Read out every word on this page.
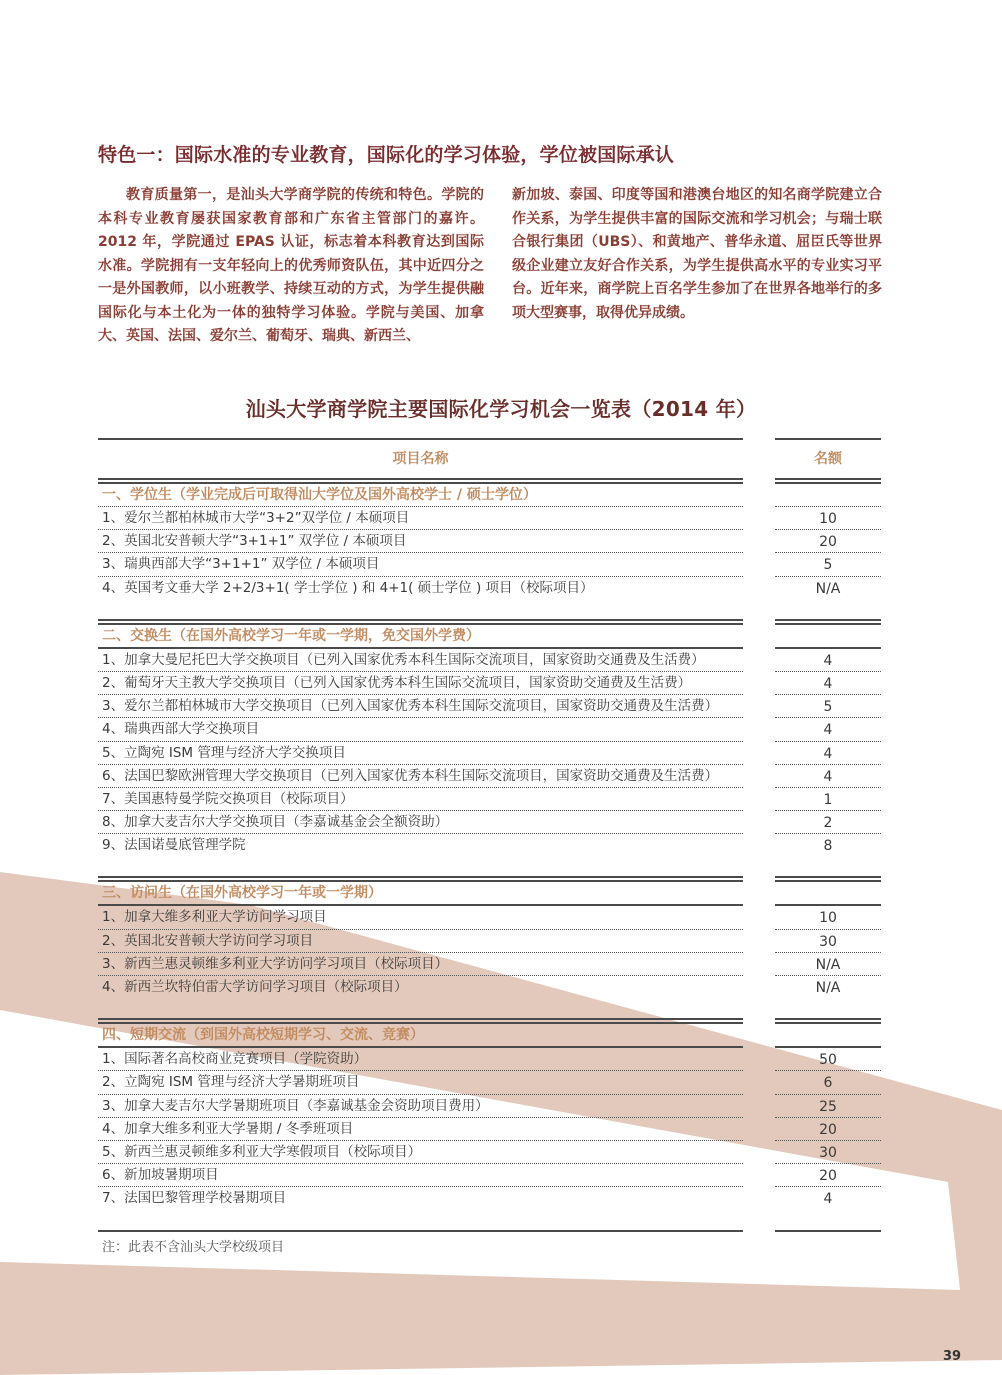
特色一：国际水准的专业教育，国际化的学习体验，学位被国际承认

教育质量第一，是汕头大学商学院的传统和特色。学院的本科专业教育屡获国家教育部和广东省主管部门的嘉许。2012 年，学院通过 EPAS 认证，标志着本科教育达到国际水准。学院拥有一支年轻向上的优秀师资队伍，其中近四分之一是外国教师，以小班教学、持续互动的方式，为学生提供融国际化与本土化为一体的独特学习体验。学院与美国、加拿大、英国、法国、爱尔兰、葡萄牙、瑞典、新西兰、

新加坡、泰国、印度等国和港澳台地区的知名商学院建立合作关系，为学生提供丰富的国际交流和学习机会；与瑞士联合银行集团（UBS）、和黄地产、普华永道、屈臣氏等世界级企业建立友好合作关系，为学生提供高水平的专业实习平台。近年来，商学院上百名学生参加了在世界各地举行的多项大型赛事，取得优异成绩。

汕头大学商学院主要国际化学习机会一览表（2014 年）
项目名称
一、学位生（学业完成后可取得汕大学位及国外高校学士 / 硕士学位）
1、爱尔兰都柏林城市大学“3+2”双学位 / 本硕项目
2、英国北安普顿大学“3+1+1” 双学位 / 本硕项目
3、瑞典西部大学“3+1+1” 双学位 / 本硕项目
4、英国考文垂大学 2+2/3+1( 学士学位 ) 和 4+1( 硕士学位 ) 项目（校际项目）
二、交换生（在国外高校学习一年或一学期，免交国外学费）
1、加拿大曼尼托巴大学交换项目（已列入国家优秀本科生国际交流项目，国家资助交通费及生活费）
2、葡萄牙天主教大学交换项目（已列入国家优秀本科生国际交流项目，国家资助交通费及生活费）
3、爱尔兰都柏林城市大学交换项目（已列入国家优秀本科生国际交流项目，国家资助交通费及生活费）
4、瑞典西部大学交换项目
5、立陶宛 ISM 管理与经济大学交换项目
6、法国巴黎欧洲管理大学交换项目（已列入国家优秀本科生国际交流项目，国家资助交通费及生活费）
7、美国惠特曼学院交换项目（校际项目）
8、加拿大麦吉尔大学交换项目（李嘉诚基金会全额资助）
9、法国诺曼底管理学院
三、访问生（在国外高校学习一年或一学期）
1、加拿大维多利亚大学访问学习项目
2、英国北安普顿大学访问学习项目
3、新西兰惠灵顿维多利亚大学访问学习项目（校际项目）
4、新西兰坎特伯雷大学访问学习项目（校际项目）
四、短期交流（到国外高校短期学习、交流、竞赛）
1、国际著名高校商业竞赛项目（学院资助）
2、立陶宛 ISM 管理与经济大学暑期班项目
3、加拿大麦吉尔大学暑期班项目（李嘉诚基金会资助项目费用）
4、加拿大维多利亚大学暑期 / 冬季班项目
5、新西兰惠灵顿维多利亚大学寒假项目（校际项目）
6、新加坡暑期项目
7、法国巴黎管理学校暑期项目
名额
10
20
5
N/A
4
4
5
4
4
4
1
2
8
10
30
N/A
N/A
50
6
25
20
30
20
4
注：此表不含汕头大学校级项目
39
